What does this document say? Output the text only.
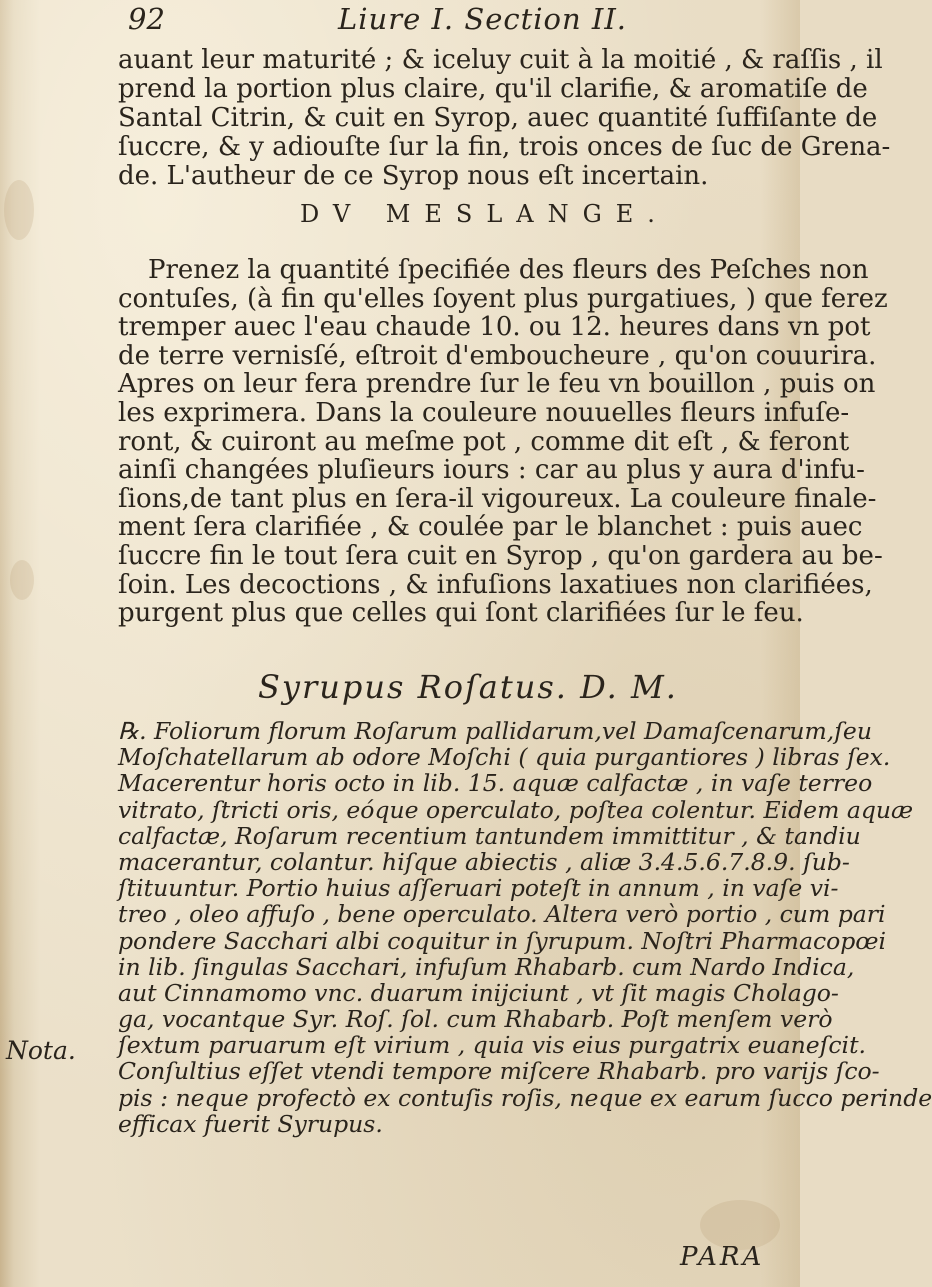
92	Liure I. Section II.
auant leur maturité ; & iceluy cuit à la moitié , & raſſis , il
prend la portion plus claire, qu'il clarifie, & aromatiſe de
Santal Citrin, & cuit en Syrop, auec quantité ſuffiſante de
ſuccre, & y adiouſte ſur la fin, trois onces de ſuc de Grena-
de. L'autheur de ce Syrop nous eſt incertain.
DV MESLANGE.
Prenez la quantité ſpecifiée des fleurs des Peſches non
contuſes, (à fin qu'elles ſoyent plus purgatiues, ) que ferez
tremper auec l'eau chaude 10. ou 12. heures dans vn pot
de terre vernisſé, eſtroit d'emboucheure , qu'on couurira.
Apres on leur fera prendre ſur le feu vn bouillon , puis on
les exprimera. Dans la couleure nouuelles fleurs infuſe-
ront, & cuiront au meſme pot , comme dit eſt , & feront
ainſi changées pluſieurs iours : car au plus y aura d'infu-
ſions,de tant plus en ſera-il vigoureux. La couleure finale-
ment ſera clarifiée , & coulée par le blanchet : puis auec
ſuccre fin le tout ſera cuit en Syrop , qu'on gardera au be-
ſoin. Les decoctions , & infuſions laxatiues non clarifiées,
purgent plus que celles qui ſont clarifiées ſur le feu.
Syrupus Roſatus. D. M.
℞. Foliorum florum Roſarum pallidarum,vel Damaſcenarum,ſeu
Moſchatellarum ab odore Moſchi ( quia purgantiores ) libras ſex.
Macerentur horis octo in lib. 15. aquæ calfactæ , in vaſe terreo
vitrato, ſtricti oris, eóque operculato, poſtea colentur. Eidem aquæ
calfactæ, Roſarum recentium tantundem immittitur , & tandiu
macerantur, colantur. hiſque abiectis , aliæ 3.4.5.6.7.8.9. ſub-
ſtituuntur. Portio huius aſſeruari poteſt in annum , in vaſe vi-
treo , oleo affuſo , bene operculato. Altera verò portio , cum pari
pondere Sacchari albi coquitur in ſyrupum. Noſtri Pharmacopœi
in lib. ſingulas Sacchari, infuſum Rhabarb. cum Nardo Indica,
aut Cinnamomo vnc. duarum inijciunt , vt ſit magis Cholago-
ga, vocantque Syr. Roſ. ſol. cum Rhabarb. Poſt menſem verò
ſextum paruarum eſt virium , quia vis eius purgatrix euaneſcit.
Conſultius eſſet vtendi tempore miſcere Rhabarb. pro varijs ſco-
pis : neque profectò ex contuſis roſis, neque ex earum ſucco perinde
efficax fuerit Syrupus.
Nota.
PARA
